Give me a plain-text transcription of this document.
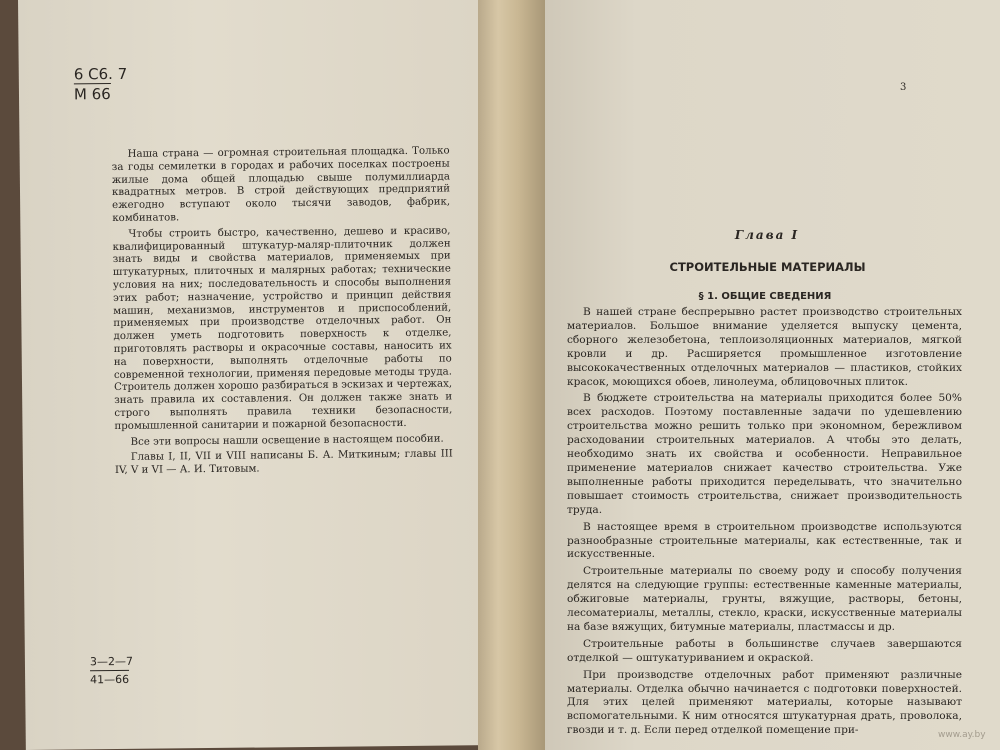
6 С6. 7
М 66

Наша страна — огромная строительная площадка. Только за годы семилетки в городах и рабочих поселках построены жилые дома общей площадью свыше полумиллиарда квадратных метров. В строй действующих предприятий ежегодно вступают около тысячи заводов, фабрик, комбинатов.

Чтобы строить быстро, качественно, дешево и красиво, квалифицированный штукатур-маляр-плиточник должен знать виды и свойства материалов, применяемых при штукатурных, плиточных и малярных работах; технические условия на них; последовательность и способы выполнения этих работ; назначение, устройство и принцип действия машин, механизмов, инструментов и приспособлений, применяемых при производстве отделочных работ. Он должен уметь подготовить поверхность к отделке, приготовлять растворы и окрасочные составы, наносить их на поверхности, выполнять отделочные работы по современной технологии, применяя передовые методы труда. Строитель должен хорошо разбираться в эскизах и чертежах, знать правила их составления. Он должен также знать и строго выполнять правила техники безопасности, промышленной санитарии и пожарной безопасности.

Все эти вопросы нашли освещение в настоящем пособии.

Главы I, II, VII и VIII написаны Б. А. Миткиным; главы III IV, V и VI — А. И. Титовым.

3—2—7
41—66
3
Глава I
СТРОИТЕЛЬНЫЕ МАТЕРИАЛЫ
§ 1. ОБЩИЕ СВЕДЕНИЯ

В нашей стране беспрерывно растет производство строительных материалов. Большое внимание уделяется выпуску цемента, сборного железобетона, теплоизоляционных материалов, мягкой кровли и др. Расширяется промышленное изготовление высококачественных отделочных материалов — пластиков, стойких красок, моющихся обоев, линолеума, облицовочных плиток.

В бюджете строительства на материалы приходится более 50% всех расходов. Поэтому поставленные задачи по удешевлению строительства можно решить только при экономном, бережливом расходовании строительных материалов. А чтобы это делать, необходимо знать их свойства и особенности. Неправильное применение материалов снижает качество строительства. Уже выполненные работы приходится переделывать, что значительно повышает стоимость строительства, снижает производительность труда.

В настоящее время в строительном производстве используются разнообразные строительные материалы, как естественные, так и искусственные.

Строительные материалы по своему роду и способу получения делятся на следующие группы: естественные каменные материалы, обжиговые материалы, грунты, вяжущие, растворы, бетоны, лесоматериалы, металлы, стекло, краски, искусственные материалы на базе вяжущих, битумные материалы, пластмассы и др.

Строительные работы в большинстве случаев завершаются отделкой — оштукатуриванием и окраской.

При производстве отделочных работ применяют различные материалы. Отделка обычно начинается с подготовки поверхностей. Для этих целей применяют материалы, которые называют вспомогательными. К ним относятся штукатурная драть, проволока, гвозди и т. д. Если перед отделкой помещение при-	www.ay.by
